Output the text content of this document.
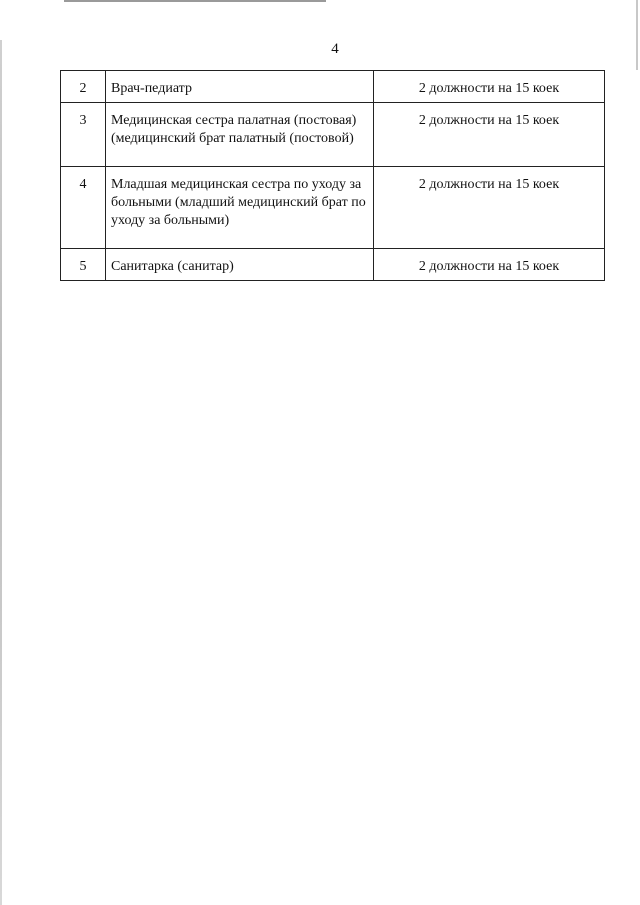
4
2	Врач-педиатр	2 должности на 15 коек
3	Медицинская сестра палатная (постовая) (медицинский брат палатный (постовой)	2 должности на 15 коек
4	Младшая медицинская сестра по уходу за больными (младший медицинский брат по уходу за больными)	2 должности на 15 коек
5	Санитарка (санитар)	2 должности на 15 коек
